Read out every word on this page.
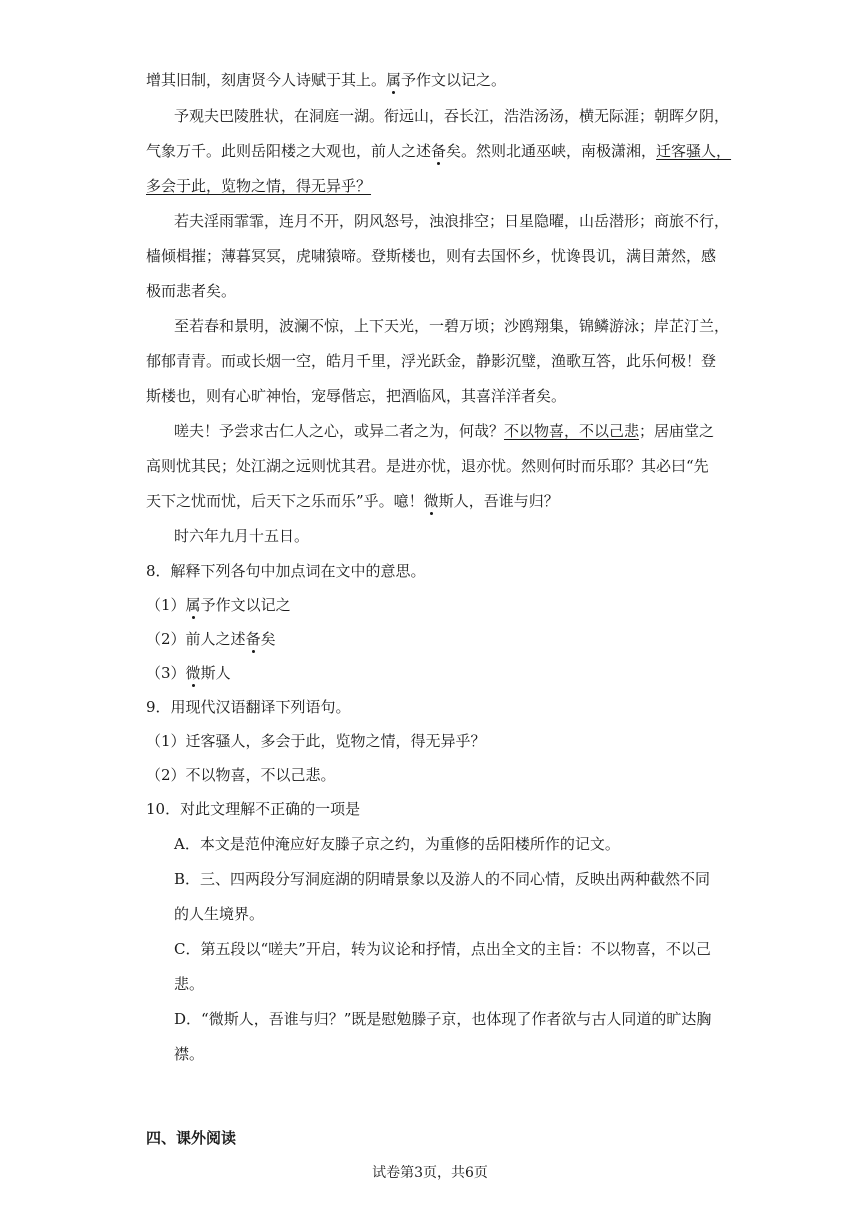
增其旧制，刻唐贤今人诗赋于其上。属予作文以记之。
予观夫巴陵胜状，在洞庭一湖。衔远山，吞长江，浩浩汤汤，横无际涯；朝晖夕阴，
气象万千。此则岳阳楼之大观也，前人之述备矣。然则北通巫峡，南极潇湘，迁客骚人，
多会于此，览物之情，得无异乎？
若夫淫雨霏霏，连月不开，阴风怒号，浊浪排空；日星隐曜，山岳潜形；商旅不行，
樯倾楫摧；薄暮冥冥，虎啸猿啼。登斯楼也，则有去国怀乡，忧谗畏讥，满目萧然，感
极而悲者矣。
至若春和景明，波澜不惊，上下天光，一碧万顷；沙鸥翔集，锦鳞游泳；岸芷汀兰，
郁郁青青。而或长烟一空，皓月千里，浮光跃金，静影沉璧，渔歌互答，此乐何极！登
斯楼也，则有心旷神怡，宠辱偕忘，把酒临风，其喜洋洋者矣。
嗟夫！予尝求古仁人之心，或异二者之为，何哉？不以物喜，不以己悲；居庙堂之
高则忧其民；处江湖之远则忧其君。是进亦忧，退亦忧。然则何时而乐耶？其必曰“先
天下之忧而忧，后天下之乐而乐”乎。噫！微斯人，吾谁与归？
时六年九月十五日。
8．解释下列各句中加点词在文中的意思。
（1）属予作文以记之
（2）前人之述备矣
（3）微斯人
9．用现代汉语翻译下列语句。
（1）迁客骚人，多会于此，览物之情，得无异乎？
（2）不以物喜，不以己悲。
10．对此文理解不正确的一项是
A．本文是范仲淹应好友滕子京之约，为重修的岳阳楼所作的记文。
B．三、四两段分写洞庭湖的阴晴景象以及游人的不同心情，反映出两种截然不同
的人生境界。
C．第五段以“嗟夫”开启，转为议论和抒情，点出全文的主旨：不以物喜，不以己
悲。
D．“微斯人，吾谁与归？”既是慰勉滕子京，也体现了作者欲与古人同道的旷达胸
襟。
四、课外阅读
试卷第3页，共6页
